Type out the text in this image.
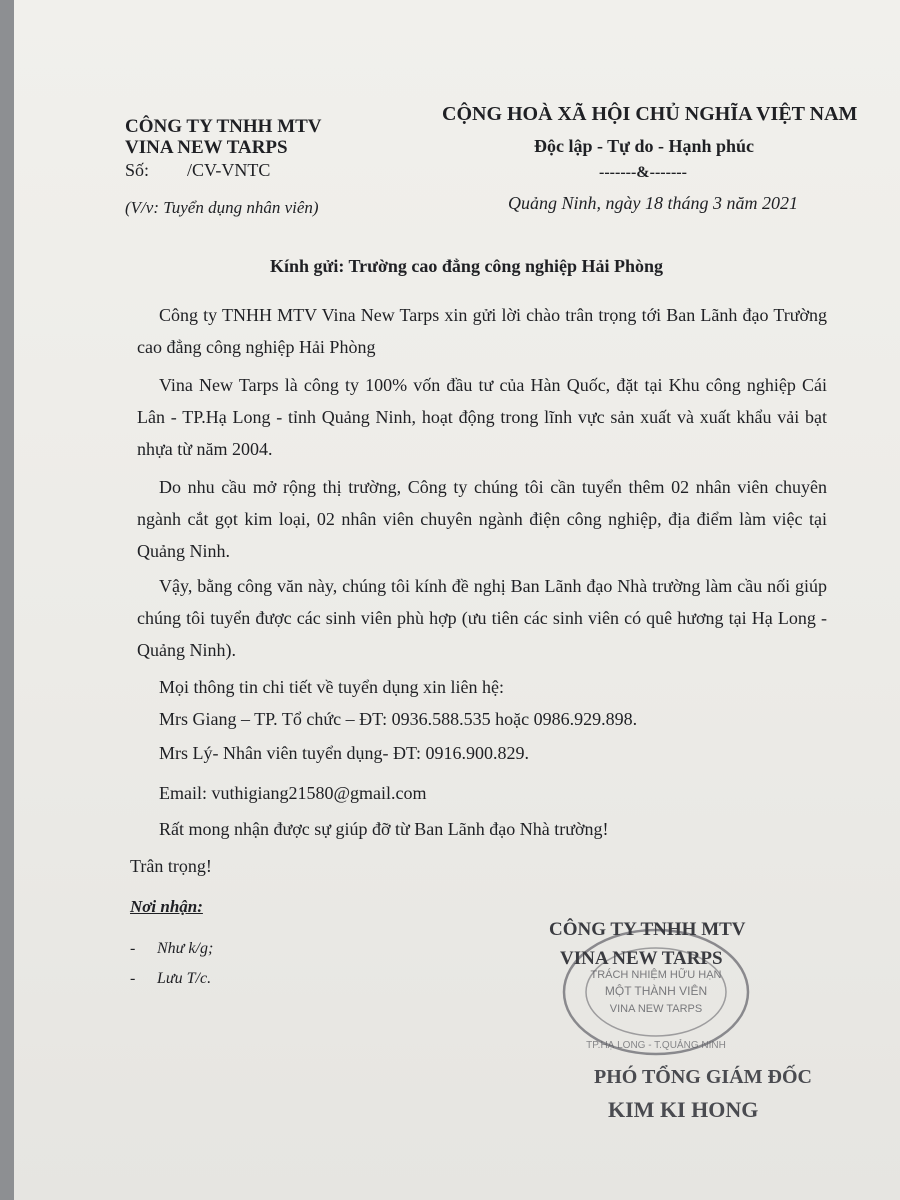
CÔNG TY TNHH MTV
VINA NEW TARPS
Số: /CV-VNTC
(V/v: Tuyển dụng nhân viên)
CỘNG HOÀ XÃ HỘI CHỦ NGHĨA VIỆT NAM
Độc lập - Tự do - Hạnh phúc
-------&-------
Quảng Ninh, ngày 18 tháng 3 năm 2021
Kính gửi: Trường cao đẳng công nghiệp Hải Phòng
Công ty TNHH MTV Vina New Tarps xin gửi lời chào trân trọng tới Ban Lãnh đạo Trường cao đẳng công nghiệp Hải Phòng
Vina New Tarps là công ty 100% vốn đầu tư của Hàn Quốc, đặt tại Khu công nghiệp Cái Lân - TP.Hạ Long - tỉnh Quảng Ninh, hoạt động trong lĩnh vực sản xuất và xuất khẩu vải bạt nhựa từ năm 2004.
Do nhu cầu mở rộng thị trường, Công ty chúng tôi cần tuyển thêm 02 nhân viên chuyên ngành cắt gọt kim loại, 02 nhân viên chuyên ngành điện công nghiệp, địa điểm làm việc tại Quảng Ninh.
Vậy, bằng công văn này, chúng tôi kính đề nghị Ban Lãnh đạo Nhà trường làm cầu nối giúp chúng tôi tuyển được các sinh viên phù hợp (ưu tiên các sinh viên có quê hương tại Hạ Long - Quảng Ninh).
Mọi thông tin chi tiết về tuyển dụng xin liên hệ:
Mrs Giang – TP. Tổ chức – ĐT: 0936.588.535 hoặc 0986.929.898.
Mrs Lý- Nhân viên tuyển dụng- ĐT: 0916.900.829.
Email: vuthigiang21580@gmail.com
Rất mong nhận được sự giúp đỡ từ Ban Lãnh đạo Nhà trường!
Trân trọng!
Nơi nhận:
- Như k/g;
- Lưu T/c.	TRÁCH NHIỆM HỮU HẠN
MỘT THÀNH VIÊN
VINA NEW TARPS
TP.HẠ LONG - T.QUẢNG NINH
CÔNG TY TNHH MTV
VINA NEW TARPS
PHÓ TỔNG GIÁM ĐỐC
KIM KI HONG
